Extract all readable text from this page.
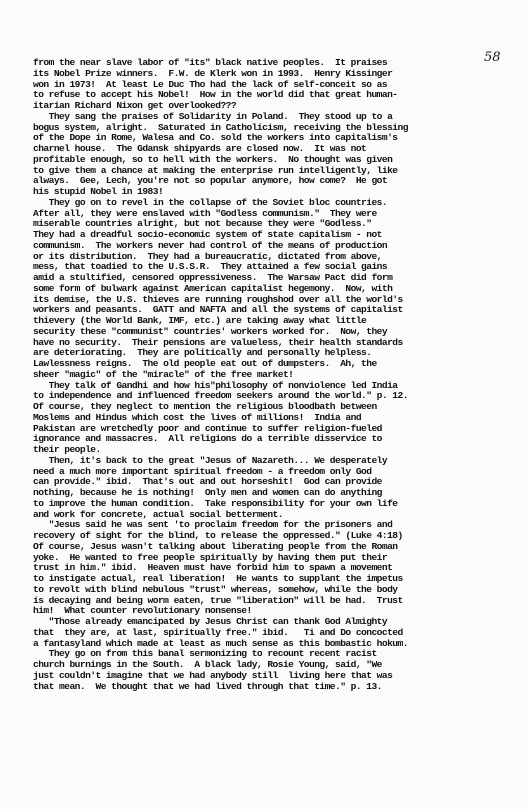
58
from the near slave labor of "its" black native peoples.  It praises
its Nobel Prize winners.  F.W. de Klerk won in 1993.  Henry Kissinger
won in 1973!  At least Le Duc Tho had the lack of self-conceit so as
to refuse to accept his Nobel!  How in the world did that great human-
itarian Richard Nixon get overlooked???
They sang the praises of Solidarity in Poland.  They stood up to a
bogus system, alright.  Saturated in Catholicism, receiving the blessing
of the Dope in Rome, Walesa and Co. sold the workers into capitalism's
charnel house.  The Gdansk shipyards are closed now.  It was not
profitable enough, so to hell with the workers.  No thought was given
to give them a chance at making the enterprise run intelligently, like
always.  Gee, Lech, you're not so popular anymore, how come?  He got
his stupid Nobel in 1983!
They go on to revel in the collapse of the Soviet bloc countries.
After all, they were enslaved with "Godless communism."  They were
miserable countries alright, but not because they were "Godless."
They had a dreadful socio-economic system of state capitalism - not
communism.  The workers never had control of the means of production
or its distribution.  They had a bureaucratic, dictated from above,
mess, that toadied to the U.S.S.R.  They attained a few social gains
amid a stultified, censored oppressiveness.  The Warsaw Pact did form
some form of bulwark against American capitalist hegemony.  Now, with
its demise, the U.S. thieves are running roughshod over all the world's
workers and peasants.  GATT and NAFTA and all the systems of capitalist
thievery (the World Bank, IMF, etc.) are taking away what little
security these "communist" countries' workers worked for.  Now, they
have no security.  Their pensions are valueless, their health standards
are deteriorating.  They are politically and personally helpless.
Lawlessness reigns.  The old people eat out of dumpsters.  Ah, the
sheer "magic" of the "miracle" of the free market!
They talk of Gandhi and how his"philosophy of nonviolence led India
to independence and influenced freedom seekers around the world." p. 12.
Of course, they neglect to mention the religious bloodbath between
Moslems and Hindus which cost the lives of millions!  India and
Pakistan are wretchedly poor and continue to suffer religion-fueled
ignorance and massacres.  All religions do a terrible disservice to
their people.
Then, it's back to the great "Jesus of Nazareth... We desperately
need a much more important spiritual freedom - a freedom only God
can provide." ibid.  That's out and out horseshit!  God can provide
nothing, because he is nothing!  Only men and women can do anything
to improve the human condition.  Take responsibility for your own life
and work for concrete, actual social betterment.
"Jesus said he was sent 'to proclaim freedom for the prisoners and
recovery of sight for the blind, to release the oppressed." (Luke 4:18)
Of course, Jesus wasn't talking about liberating people from the Roman
yoke.  He wanted to free people spiritually by having them put their
trust in him." ibid.  Heaven must have forbid him to spawn a movement
to instigate actual, real liberation!  He wants to supplant the impetus
to revolt with blind nebulous "trust" whereas, somehow, while the body
is decaying and being worm eaten, true "liberation" will be had.  Trust
him!  What counter revolutionary nonsense!
"Those already emancipated by Jesus Christ can thank God Almighty
that  they are, at last, spiritually free." ibid.   Ti and Do concocted
a fantasyland which made at least as much sense as this bombastic hokum.
They go on from this banal sermonizing to recount recent racist
church burnings in the South.  A black lady, Rosie Young, said, "We
just couldn't imagine that we had anybody still  living here that was
that mean.  We thought that we had lived through that time." p. 13.
